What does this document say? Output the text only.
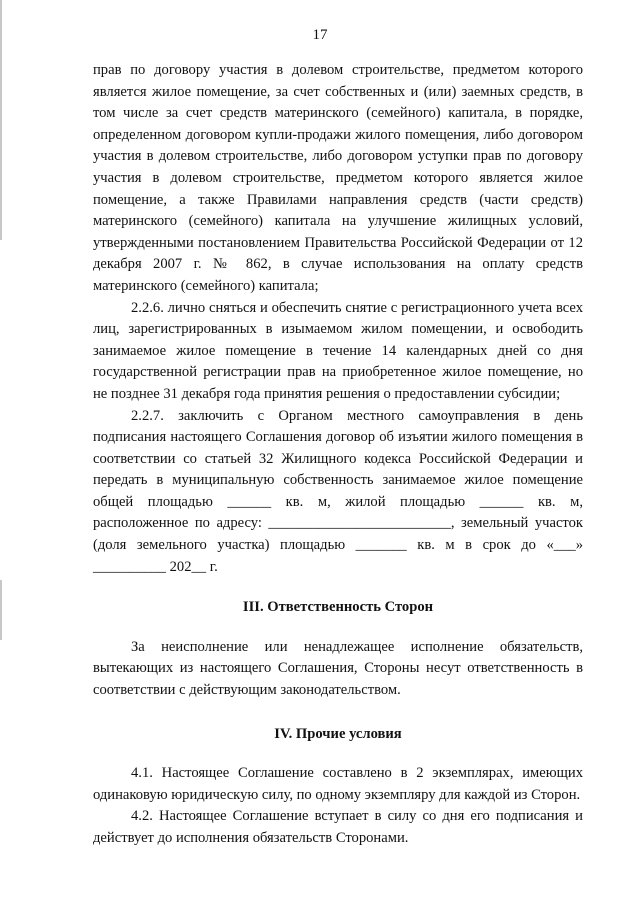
17

прав по договору участия в долевом строительстве, предметом которого является жилое помещение, за счет собственных и (или) заемных средств, в том числе за счет средств материнского (семейного) капитала, в порядке, определенном договором купли-продажи жилого помещения, либо договором участия в долевом строительстве, либо договором уступки прав по договору участия в долевом строительстве, предметом которого является жилое помещение, а также Правилами направления средств (части средств) материнского (семейного) капитала на улучшение жилищных условий, утвержденными постановлением Правительства Российской Федерации от 12 декабря 2007 г. № 862, в случае использования на оплату средств материнского (семейного) капитала;

2.2.6. лично сняться и обеспечить снятие с регистрационного учета всех лиц, зарегистрированных в изымаемом жилом помещении, и освободить занимаемое жилое помещение в течение 14 календарных дней со дня государственной регистрации прав на приобретенное жилое помещение, но не позднее 31 декабря года принятия решения о предоставлении субсидии;

2.2.7. заключить с Органом местного самоуправления в день подписания настоящего Соглашения договор об изъятии жилого помещения в соответствии со статьей 32 Жилищного кодекса Российской Федерации и передать в муниципальную собственность занимаемое жилое помещение общей площадью ______ кв. м, жилой площадью ______ кв. м, расположенное по адресу: _________________________, земельный участок (доля земельного участка) площадью _______ кв. м в срок до «___» __________ 202__ г.

III. Ответственность Сторон

За неисполнение или ненадлежащее исполнение обязательств, вытекающих из настоящего Соглашения, Стороны несут ответственность в соответствии с действующим законодательством.

IV. Прочие условия

4.1. Настоящее Соглашение составлено в 2 экземплярах, имеющих одинаковую юридическую силу, по одному экземпляру для каждой из Сторон.

4.2. Настоящее Соглашение вступает в силу со дня его подписания и действует до исполнения обязательств Сторонами.
